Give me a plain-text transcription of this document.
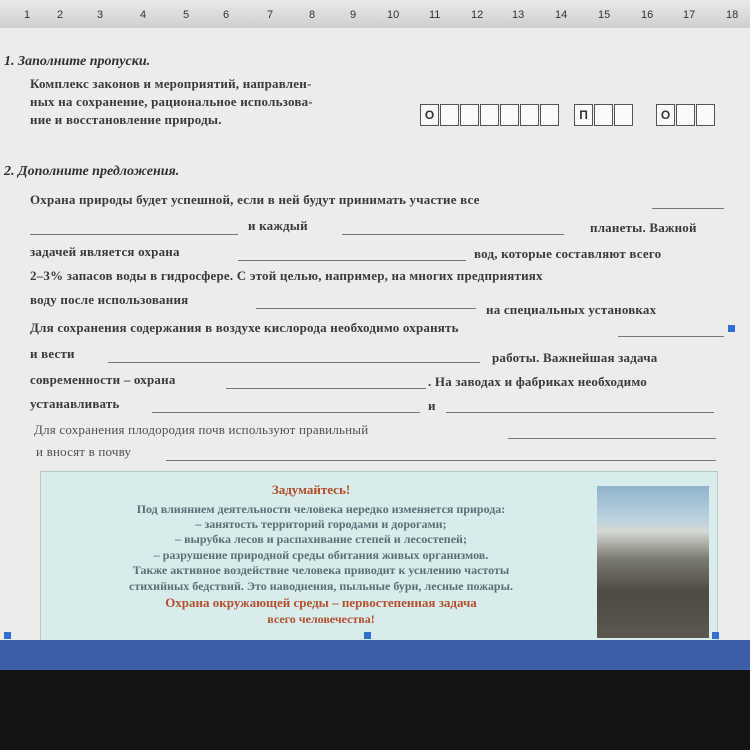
1 2	3	4	5	6	7	8	9	10	11	12	13	14	15	16	17	18
1. Заполните пропуски.
Комплекс законов и мероприятий, направлен-
ных на сохранение, рациональное использова-
ние и восстановление природы.	О	П	О
2. Дополните предложения.
Охрана природы будет успешной, если в ней будут принимать участие все
и каждый	планеты. Важной
задачей является охрана	вод, которые составляют всего
2–3% запасов воды в гидросфере. С этой целью, например, на многих предприятиях
воду после использования
на специальных установках
Для сохранения содержания в воздухе кислорода необходимо охранять
и вести	работы. Важнейшая задача
современности – охрана	. На заводах и фабриках необходимо
устанавливать	и
Для сохранения плодородия почв используют правильный
и вносят в почву
Задумайтесь!
Под влиянием деятельности человека нередко изменяется природа:
– занятость территорий городами и дорогами;
– вырубка лесов и распахивание степей и лесостепей;
– разрушение природной среды обитания живых организмов.
Также активное воздействие человека приводит к усилению частоты
стихийных бедствий. Это наводнения, пыльные бури, лесные пожары.
Охрана окружающей среды – первостепенная задача
всего человечества!
